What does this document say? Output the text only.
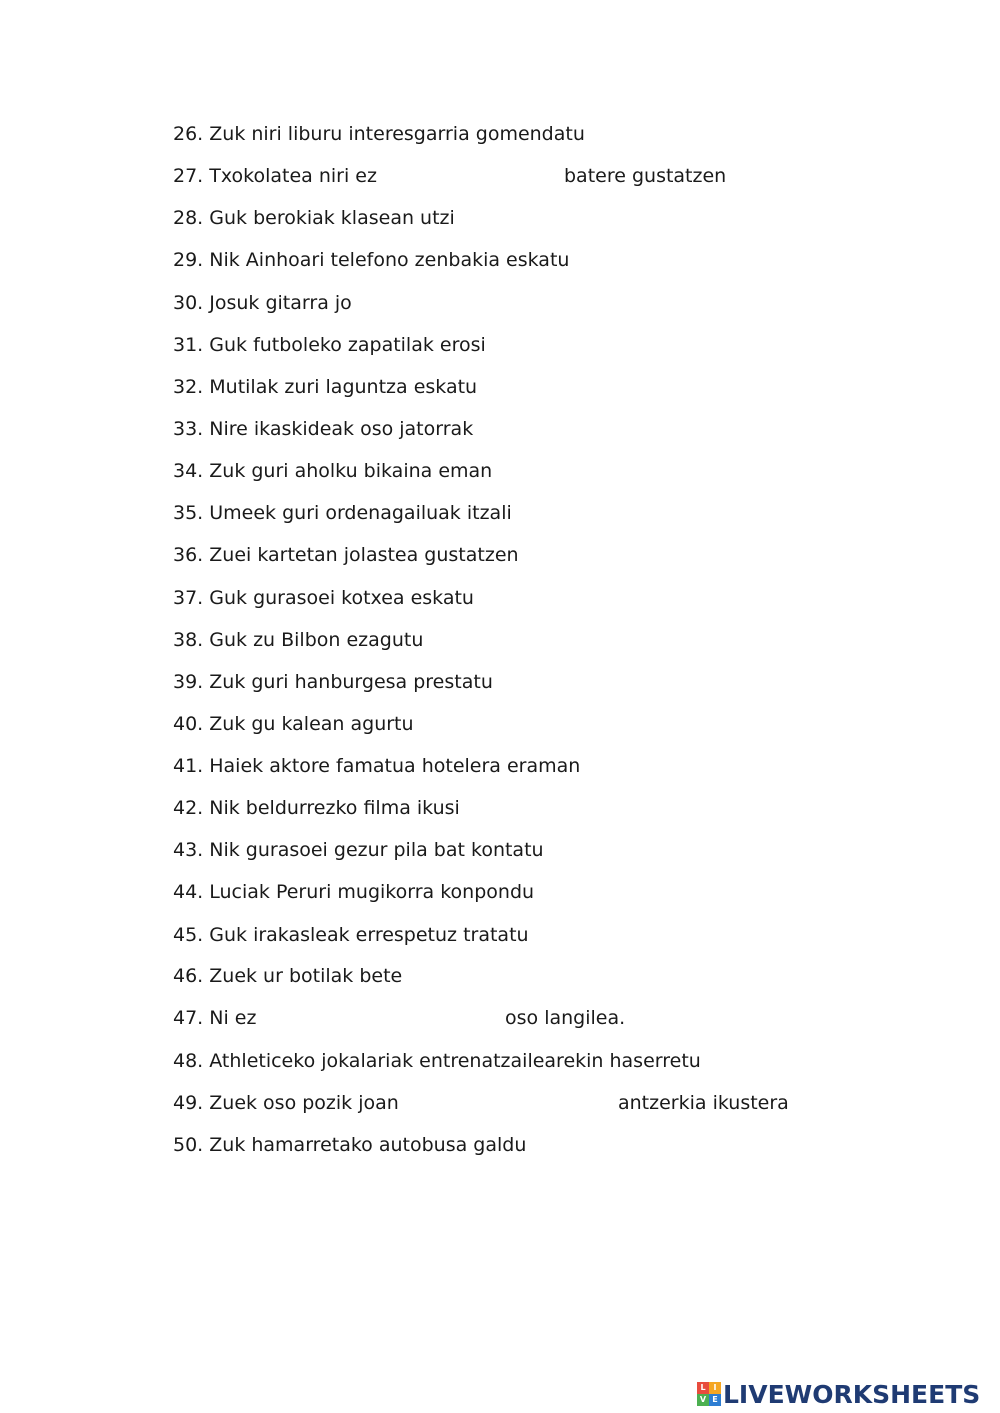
26. Zuk niri liburu interesgarria gomendatu
27. Txokolatea niri ez	batere gustatzen
28. Guk berokiak klasean utzi
29. Nik Ainhoari telefono zenbakia eskatu
30. Josuk gitarra jo
31. Guk futboleko zapatilak erosi
32. Mutilak zuri laguntza eskatu
33. Nire ikaskideak oso jatorrak
34. Zuk guri aholku bikaina eman
35. Umeek guri ordenagailuak itzali
36. Zuei kartetan jolastea gustatzen
37. Guk gurasoei kotxea eskatu
38. Guk zu Bilbon ezagutu
39. Zuk guri hanburgesa prestatu
40. Zuk gu kalean agurtu
41. Haiek aktore famatua hotelera eraman
42. Nik beldurrezko filma ikusi
43. Nik gurasoei gezur pila bat kontatu
44. Luciak Peruri mugikorra konpondu
45. Guk irakasleak errespetuz tratatu
46. Zuek ur botilak bete
47. Ni ez	oso langilea.
48. Athleticeko jokalariak entrenatzailearekin haserretu
49. Zuek oso pozik joan	antzerkia ikustera
50. Zuk hamarretako autobusa galdu
L I
V E LIVEWORKSHEETS
